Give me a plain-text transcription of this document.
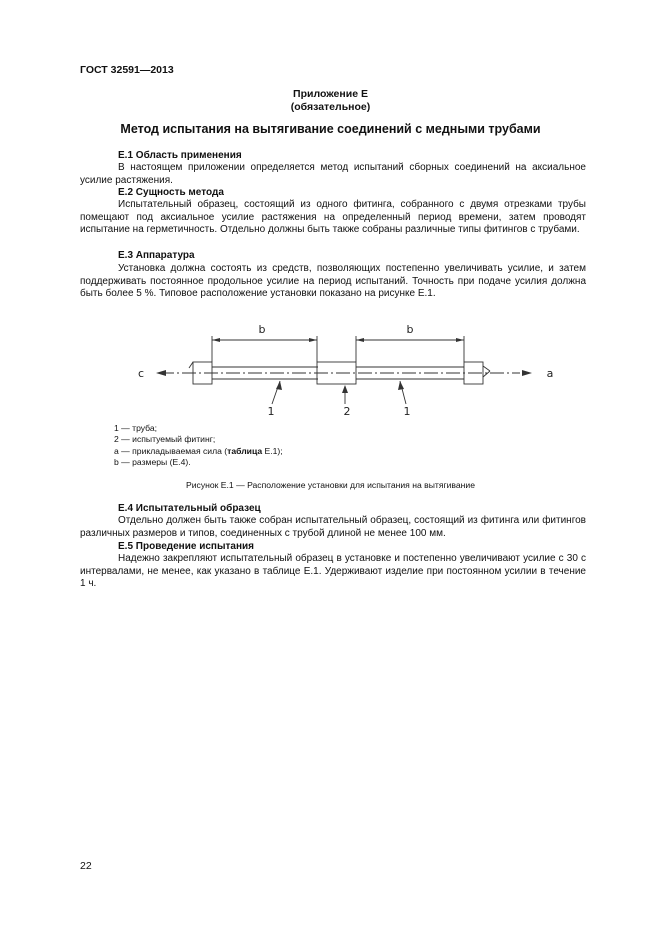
ГОСТ 32591—2013
Приложение Е
(обязательное)
Метод испытания на вытягивание соединений с медными трубами
Е.1 Область применения
В настоящем приложении определяется метод испытаний сборных соединений на аксиальное усилие растяжения.
Е.2 Сущность метода
Испытательный образец, состоящий из одного фитинга, собранного с двумя отрезками трубы помещают под аксиальное усилие растяжения на определенный период времени, затем проводят испытание на герметичность. Отдельно должны быть также собраны различные типы фитингов с трубами.
Е.3 Аппаратура
Установка должна состоять из средств, позволяющих постепенно увеличивать усилие, и затем поддерживать постоянное продольное усилие на период испытаний. Точность при подаче усилия должна быть более 5 %. Типовое расположение установки показано на рисунке Е.1.
b	b
c	a
1	2	1
1 — труба;
2 — испытуемый фитинг;
а — прикладываемая сила (таблица Е.1);
b — размеры (Е.4).
Рисунок Е.1 — Расположение установки для испытания на вытягивание
Е.4 Испытательный образец
Отдельно должен быть также собран испытательный образец, состоящий из фитинга или фитингов различных размеров и типов, соединенных с трубой длиной не менее 100 мм.
Е.5 Проведение испытания
Надежно закрепляют испытательный образец в установке и постепенно увеличивают усилие с 30 с интервалами, не менее, как указано в таблице Е.1. Удерживают изделие при постоянном усилии в течение 1 ч.
22
